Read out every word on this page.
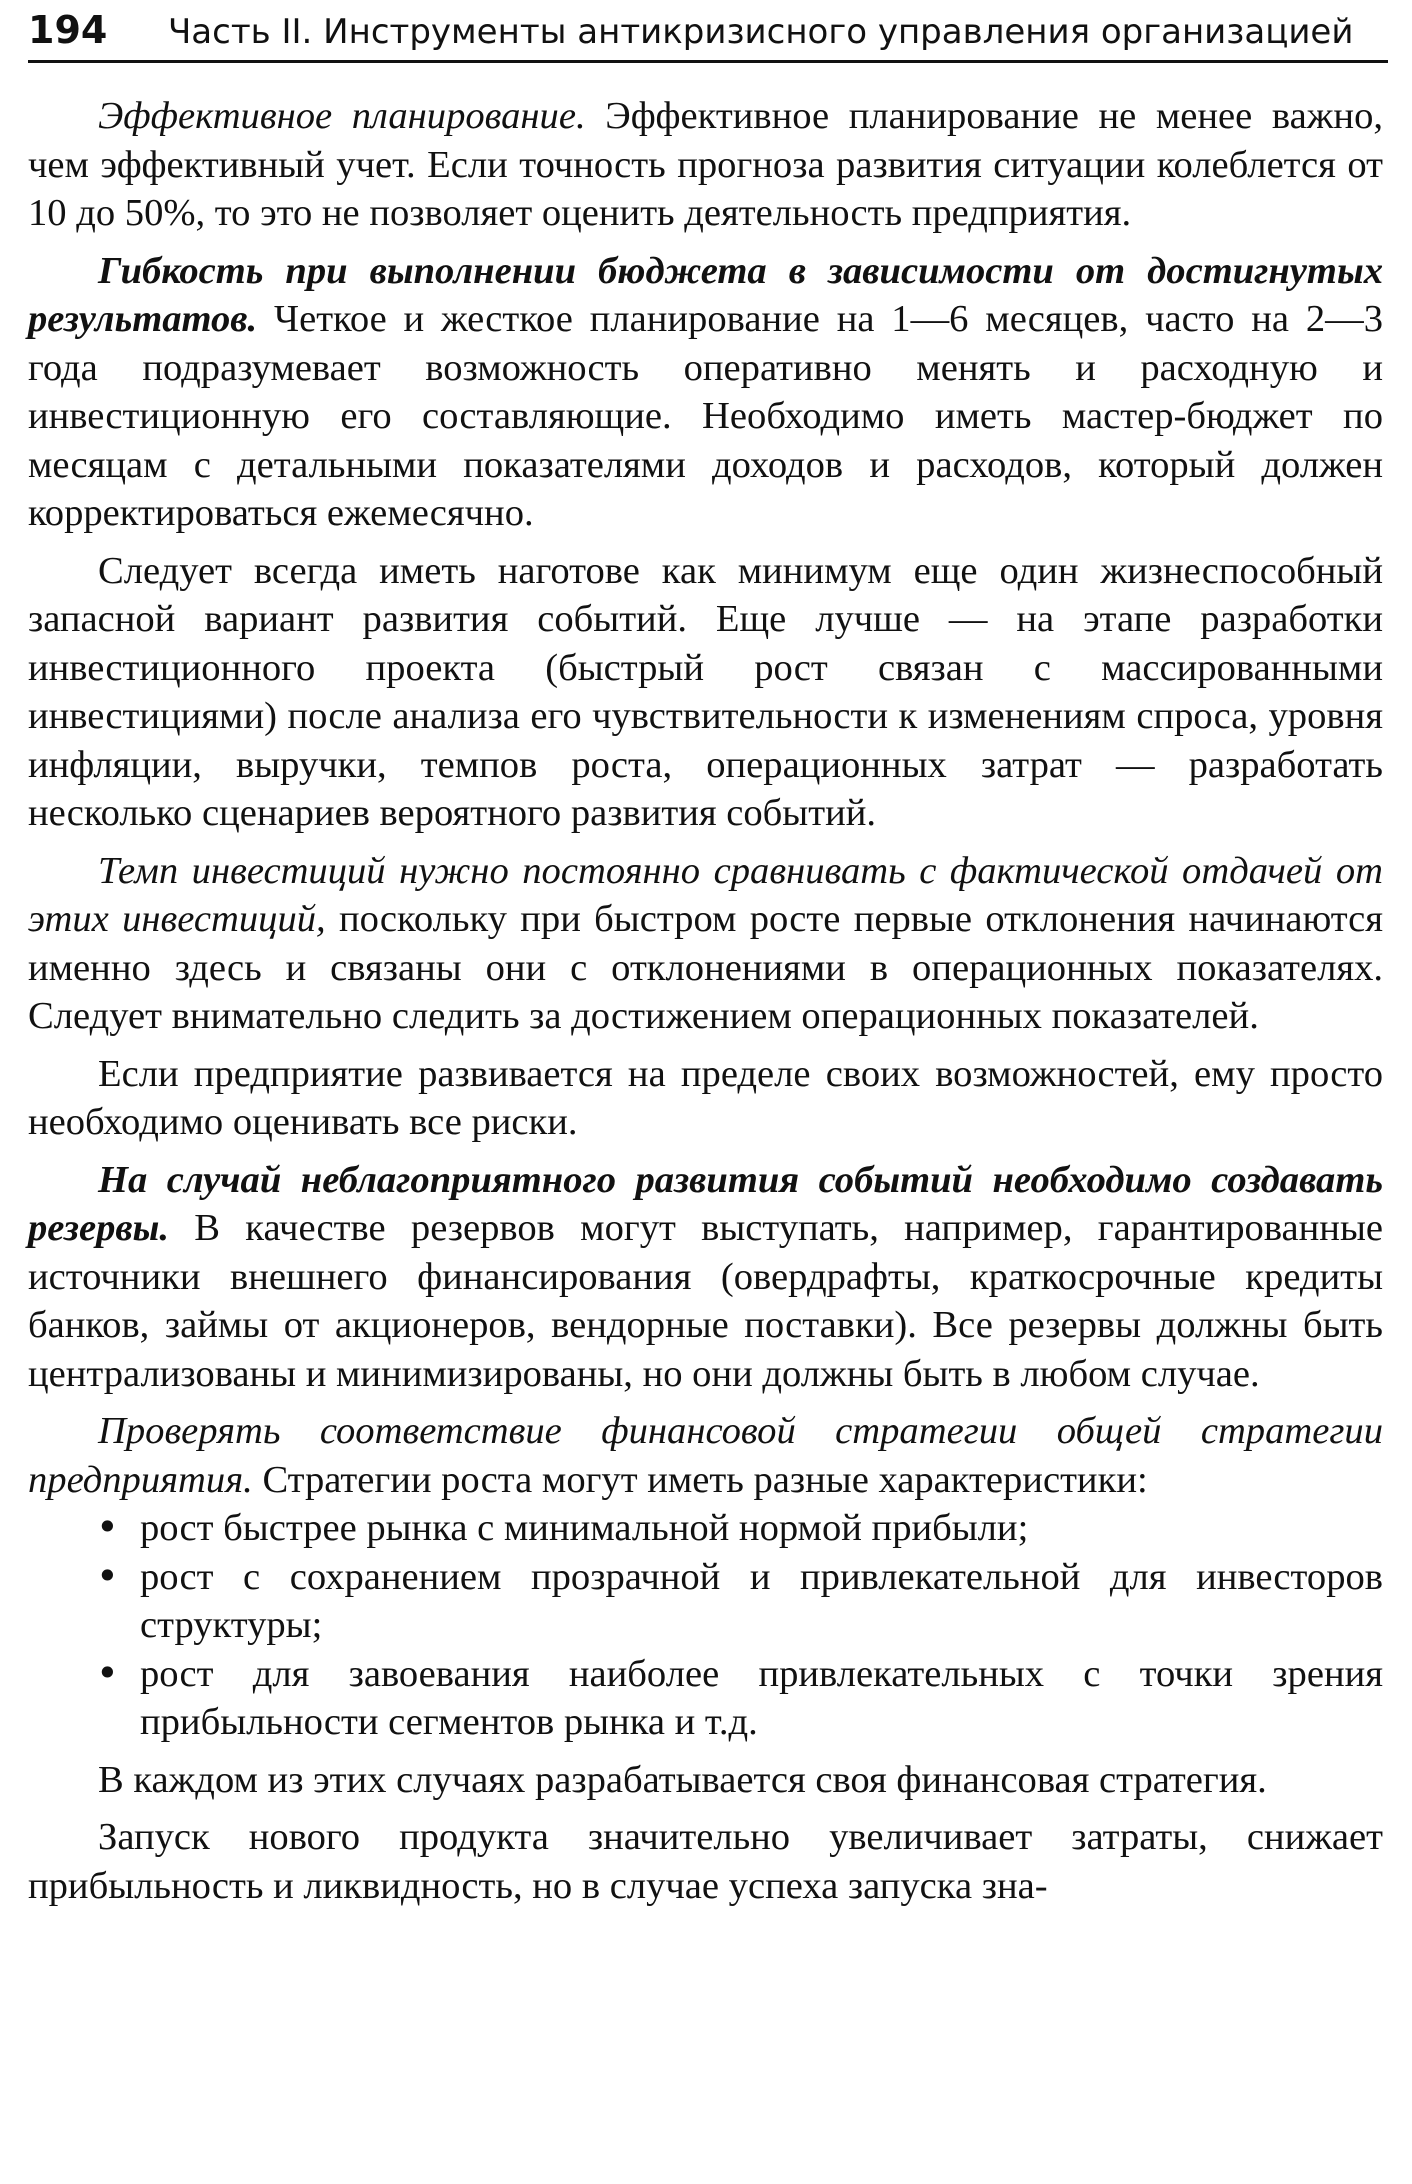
194 Часть II. Инструменты антикризисного управления организацией

Эффективное планирование. Эффективное планирование не менее важно, чем эффективный учет. Если точность прогноза развития ситуации колеблется от 10 до 50%, то это не позволяет оценить деятельность предприятия.

Гибкость при выполнении бюджета в зависимости от достигнутых результатов. Четкое и жесткое планирование на 1—6 месяцев, часто на 2—3 года подразумевает возможность оперативно менять и расходную и инвестиционную его составляющие. Необходимо иметь мастер-бюджет по месяцам с детальными показателями доходов и расходов, который должен корректироваться ежемесячно.

Следует всегда иметь наготове как минимум еще один жизнеспособный запасной вариант развития событий. Еще лучше — на этапе разработки инвестиционного проекта (быстрый рост связан с массированными инвестициями) после анализа его чувствительности к изменениям спроса, уровня инфляции, выручки, темпов роста, операционных затрат — разработать несколько сценариев вероятного развития событий.

Темп инвестиций нужно постоянно сравнивать с фактической отдачей от этих инвестиций, поскольку при быстром росте первые отклонения начинаются именно здесь и связаны они с отклонениями в операционных показателях. Следует внимательно следить за достижением операционных показателей.

Если предприятие развивается на пределе своих возможностей, ему просто необходимо оценивать все риски.

На случай неблагоприятного развития событий необходимо создавать резервы. В качестве резервов могут выступать, например, гарантированные источники внешнего финансирования (овердрафты, краткосрочные кредиты банков, займы от акционеров, вендорные поставки). Все резервы должны быть централизованы и минимизированы, но они должны быть в любом случае.

Проверять соответствие финансовой стратегии общей стратегии предприятия. Стратегии роста могут иметь разные характеристики:

• рост быстрее рынка с минимальной нормой прибыли;
• рост с сохранением прозрачной и привлекательной для инвесторов структуры;
• рост для завоевания наиболее привлекательных с точки зрения прибыльности сегментов рынка и т.д.

В каждом из этих случаях разрабатывается своя финансовая стратегия.

Запуск нового продукта значительно увеличивает затраты, снижает прибыльность и ликвидность, но в случае успеха запуска зна-
